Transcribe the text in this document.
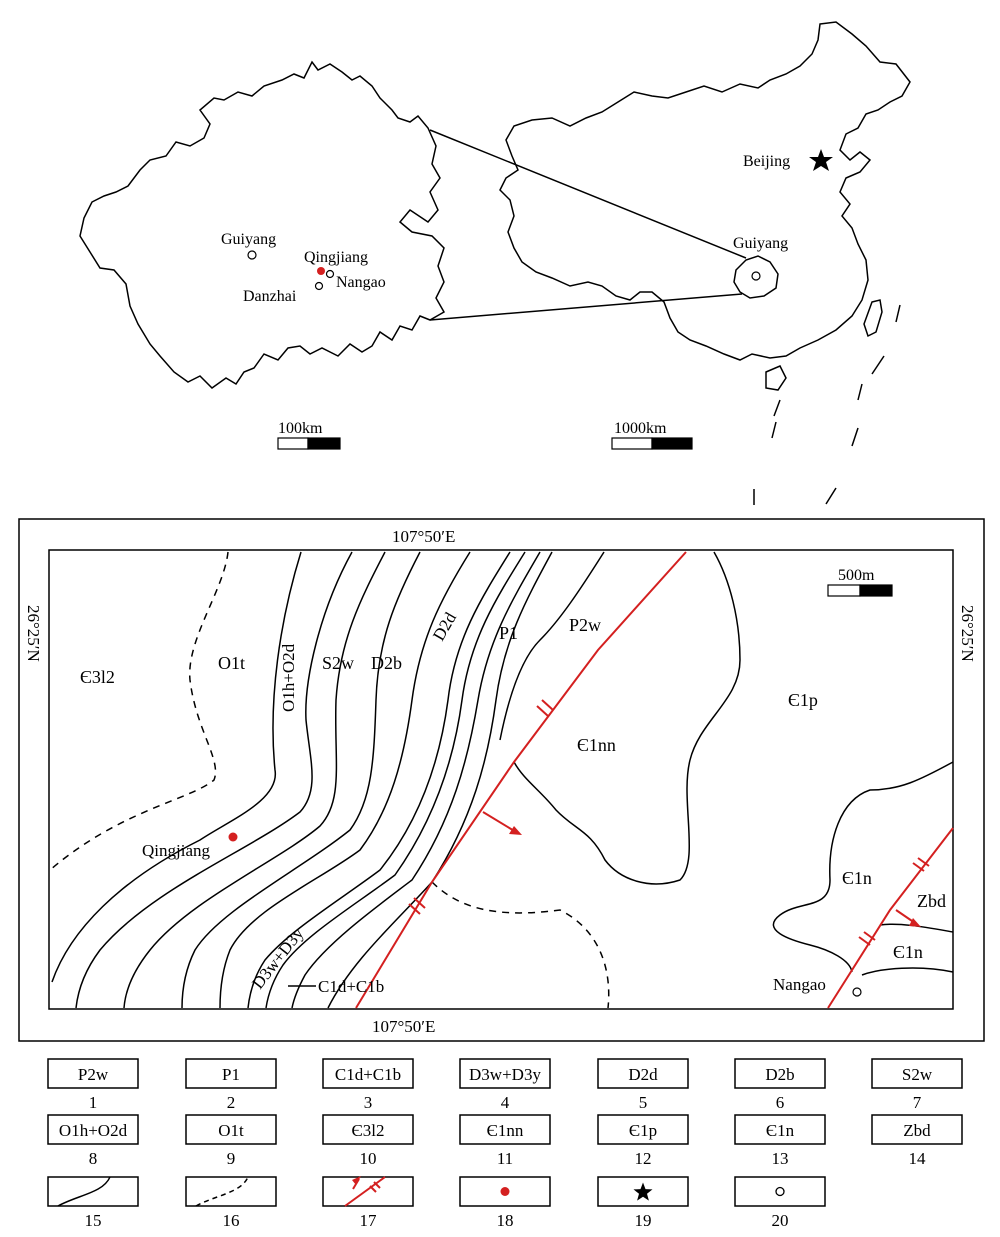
Guiyang
Qingjiang
Nangao
Danzhai
100km
Guiyang
Beijing
1000km
107°50′E
107°50′E
26°25′N	26°25′N
500m
Є3l2
O1t O1h+O2d S2w D2b
D2d P1	P2w
Є1nn
Є1p
Є1n
Є1n
Zbd
D3w+D3y C1d+C1b
Qingjiang
Nangao
P2w
1
P1
2
C1d+C1b
3
D3w+D3y
4
D2d
5
D2b
6
S2w
7
O1h+O2d
8
O1t
9
Є3l2
10
Є1nn
11
Є1p
12
Є1n
13
Zbd
14
15	16	17	18	19	20
